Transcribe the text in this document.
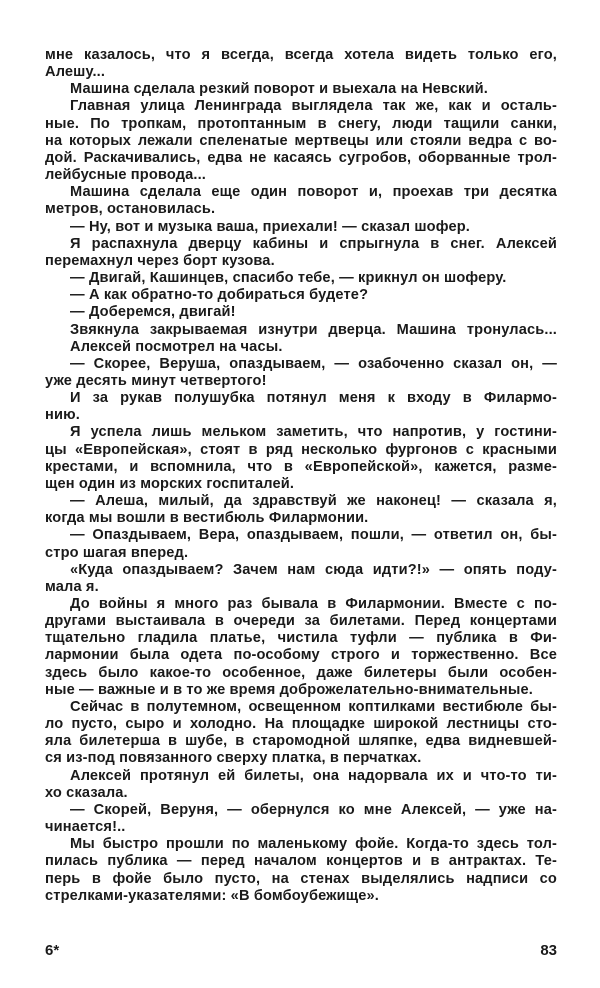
мне казалось, что я всегда, всегда хотела видеть только его,
Алешу...
Машина сделала резкий поворот и выехала на Невский.
Главная улица Ленинграда выглядела так же, как и осталь-
ные. По тропкам, протоптанным в снегу, люди тащили санки,
на которых лежали спеленатые мертвецы или стояли ведра с во-
дой. Раскачивались, едва не касаясь сугробов, оборванные трол-
лейбусные провода...
Машина сделала еще один поворот и, проехав три десятка
метров, остановилась.
— Ну, вот и музыка ваша, приехали! — сказал шофер.
Я распахнула дверцу кабины и спрыгнула в снег. Алексей
перемахнул через борт кузова.
— Двигай, Кашинцев, спасибо тебе, — крикнул он шоферу.
— А как обратно-то добираться будете?
— Доберемся, двигай!
Звякнула закрываемая изнутри дверца. Машина тронулась...
Алексей посмотрел на часы.
— Скорее, Веруша, опаздываем, — озабоченно сказал он, —
уже десять минут четвертого!
И за рукав полушубка потянул меня к входу в Филармо-
нию.
Я успела лишь мельком заметить, что напротив, у гостини-
цы «Европейская», стоят в ряд несколько фургонов с красными
крестами, и вспомнила, что в «Европейской», кажется, разме-
щен один из морских госпиталей.
— Алеша, милый, да здравствуй же наконец! — сказала я,
когда мы вошли в вестибюль Филармонии.
— Опаздываем, Вера, опаздываем, пошли, — ответил он, бы-
стро шагая вперед.
«Куда опаздываем? Зачем нам сюда идти?!» — опять поду-
мала я.
До войны я много раз бывала в Филармонии. Вместе с по-
другами выстаивала в очереди за билетами. Перед концертами
тщательно гладила платье, чистила туфли — публика в Фи-
лармонии была одета по-особому строго и торжественно. Все
здесь было какое-то особенное, даже билетеры были особен-
ные — важные и в то же время доброжелательно-внимательные.
Сейчас в полутемном, освещенном коптилками вестибюле бы-
ло пусто, сыро и холодно. На площадке широкой лестницы сто-
яла билетерша в шубе, в старомодной шляпке, едва видневшей-
ся из-под повязанного сверху платка, в перчатках.
Алексей протянул ей билеты, она надорвала их и что-то ти-
хо сказала.
— Скорей, Веруня, — обернулся ко мне Алексей, — уже на-
чинается!..
Мы быстро прошли по маленькому фойе. Когда-то здесь тол-
пилась публика — перед началом концертов и в антрактах. Те-
перь в фойе было пусто, на стенах выделялись надписи со
стрелками-указателями: «В бомбоубежище».
6*	83
